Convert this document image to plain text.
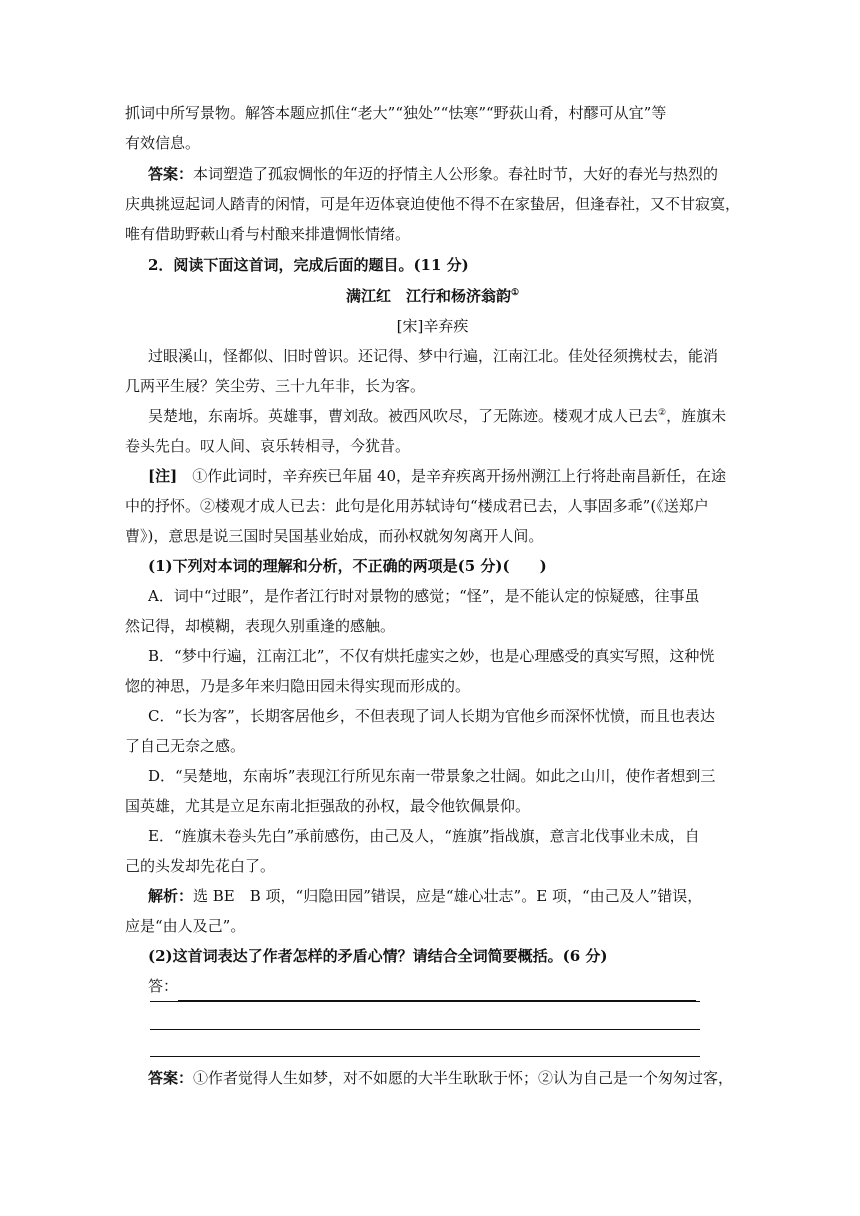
抓词中所写景物。解答本题应抓住“老大”“独处”“怯寒”“野荻山肴，村醪可从宜”等
有效信息。
答案：本词塑造了孤寂惆怅的年迈的抒情主人公形象。春社时节，大好的春光与热烈的
庆典挑逗起词人踏青的闲情，可是年迈体衰迫使他不得不在家蛰居，但逢春社，又不甘寂寞，
唯有借助野蔌山肴与村酿来排遣惆怅情绪。
2．阅读下面这首词，完成后面的题目。(11 分)
满江红　江行和杨济翁韵①
[宋]辛弃疾
过眼溪山，怪都似、旧时曾识。还记得、梦中行遍，江南江北。佳处径须携杖去，能消
几两平生屐？笑尘劳、三十九年非，长为客。
吴楚地，东南坼。英雄事，曹刘敌。被西风吹尽，了无陈迹。楼观才成人已去②，旌旗未
卷头先白。叹人间、哀乐转相寻，今犹昔。
[注]　①作此词时，辛弃疾已年届 40，是辛弃疾离开扬州溯江上行将赴南昌新任，在途
中的抒怀。②楼观才成人已去：此句是化用苏轼诗句“楼成君已去，人事固多乖”(《送郑户
曹》)，意思是说三国时吴国基业始成，而孙权就匆匆离开人间。
(1)下列对本词的理解和分析，不正确的两项是(5 分)(　　)
A．词中“过眼”，是作者江行时对景物的感觉；“怪”，是不能认定的惊疑感，往事虽
然记得，却模糊，表现久别重逢的感触。
B．“梦中行遍，江南江北”，不仅有烘托虚实之妙，也是心理感受的真实写照，这种恍
惚的神思，乃是多年来归隐田园未得实现而形成的。
C．“长为客”，长期客居他乡，不但表现了词人长期为官他乡而深怀忧愤，而且也表达
了自己无奈之感。
D．“吴楚地，东南坼”表现江行所见东南一带景象之壮阔。如此之山川，使作者想到三
国英雄，尤其是立足东南北拒强敌的孙权，最令他钦佩景仰。
E．“旌旗未卷头先白”承前感伤，由己及人，“旌旗”指战旗，意言北伐事业未成，自
己的头发却先花白了。
解析：选 BE　B 项，“归隐田园”错误，应是“雄心壮志”。E 项，“由己及人”错误，
应是“由人及己”。
(2)这首词表达了作者怎样的矛盾心情？请结合全词简要概括。(6 分)
答：
答案：①作者觉得人生如梦，对不如愿的大半生耿耿于怀；②认为自己是一个匆匆过客，
